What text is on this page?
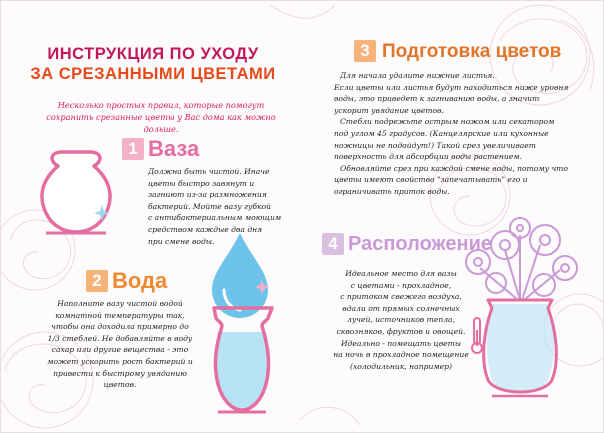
ИНСТРУКЦИЯ ПО УХОДУ
ЗА СРЕЗАННЫМИ ЦВЕТАМИ

Несколько простых правил, которые помогут
сохранить срезанные цветы у Вас дома как можно дольше.

1 Ваза
Должна быть чистой. Иначе
цветы быстро завянут и
загниют из-за размножения
бактерий. Мойте вазу губкой
с антибактериальным моющим
средством каждые два дня
при смене воды.
2 Вода
Наполните вазу чистой водой
комнатной температуры так,
чтобы она доходила примерно до
1/3 стеблей. Не добавляйте в воду
сахар или другие вещества - это
может ускорить рост бактерий и
привести к быстрому увяданию
цветов.
3 Подготовка цветов
Для начала удалите нижние листья.
Если цветы или листья будут находиться ниже уровня
воды, это приведет к загниванию воды, а значит
ускорит увядание цветов.
Стебли подрежьте острым ножом или секатором
под углом 45 градусов. (Канцелярские или кухонные
ножницы не подойдут!) Такой срез увеличивает
поверхность для абсорбции воды растением.
Обновляйте срез при каждой смене воды, потому что
цветы имеют свойство "запечатывать" его и
ограничивать приток воды.
4 Расположение
Идеальное место для вазы
с цветами - прохладное,
с притоком свежего воздуха,
вдали от прямых солнечных
лучей, источников тепла,
сквозняков, фруктов и овощей.
Идеально - помещать цветы
на ночь в прохладное помещение
(холодильник, например)
